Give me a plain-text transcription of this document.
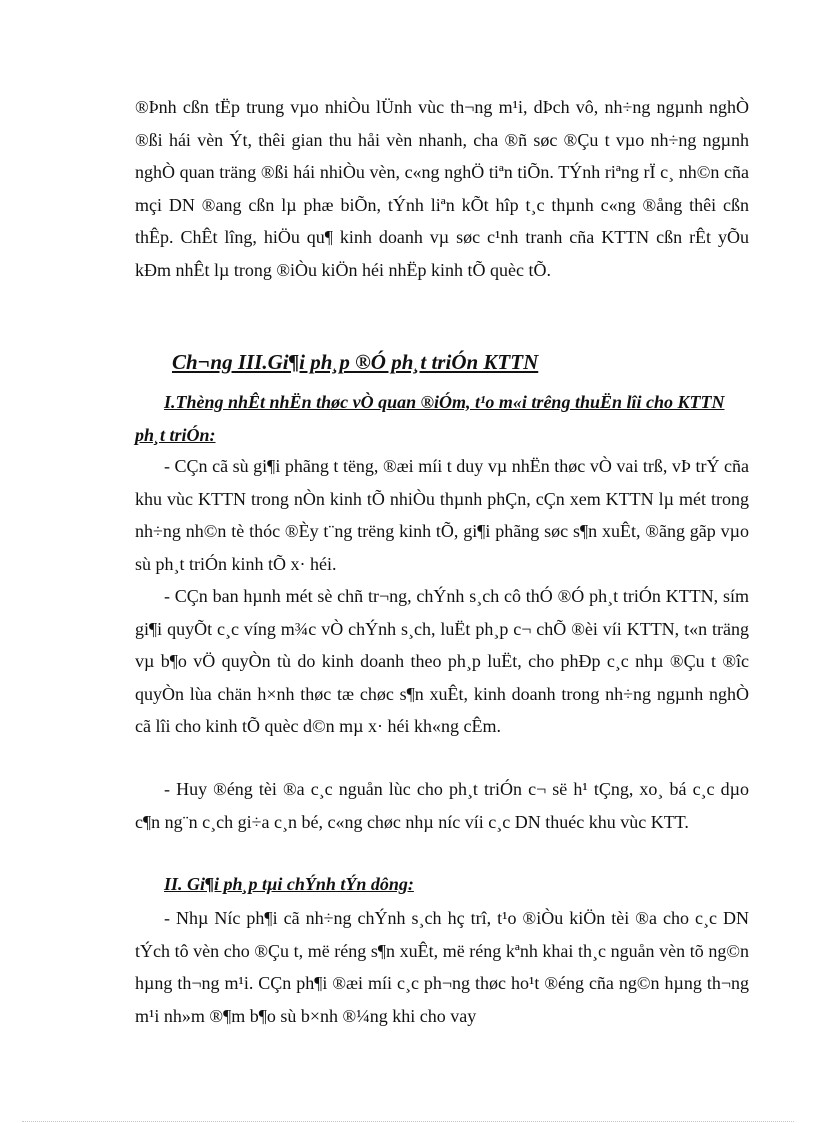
®Þnh cßn tËp trung vµo nhiÒu lÜnh vùc th¬ng m¹i, dÞch vô, nh÷ng ngµnh nghÒ ®ßi hái vèn Ýt, thêi gian thu håi vèn nhanh, cha ®ñ søc ®Çu t vµo nh÷ng ngµnh nghÒ quan träng ®ßi hái nhiÒu vèn, c«ng nghÖ tiªn tiÕn. TÝnh riªng rÏ c¸ nh©n cña mçi DN ®ang cßn lµ phæ biÕn, tÝnh liªn kÕt hîp t¸c thµnh c«ng ®ång thêi cßn thÊp. ChÊt lîng, hiÖu qu¶ kinh doanh vµ søc c¹nh tranh cña KTTN cßn rÊt yÕu kÐm nhÊt lµ trong ®iÒu kiÖn héi nhËp kinh tÕ quèc tÕ.

Ch¬ng III.Gi¶i ph¸p ®Ó ph¸t triÓn KTTN
I.Thèng nhÊt nhËn thøc vÒ quan ®iÓm, t¹o m«i trêng thuËn lîi cho KTTN ph¸t triÓn:

- CÇn cã sù gi¶i phãng t tëng, ®æi míi t duy vµ nhËn thøc vÒ vai trß, vÞ trÝ cña khu vùc KTTN trong nÒn kinh tÕ nhiÒu thµnh phÇn, cÇn xem KTTN lµ mét trong nh÷ng nh©n tè thóc ®Èy t¨ng trëng kinh tÕ, gi¶i phãng søc s¶n xuÊt, ®ãng gãp vµo sù ph¸t triÓn kinh tÕ x· héi.

- CÇn ban hµnh mét sè chñ tr¬ng, chÝnh s¸ch cô thÓ ®Ó ph¸t triÓn KTTN, sím gi¶i quyÕt c¸c víng m¾c vÒ chÝnh s¸ch, luËt ph¸p c¬ chÕ ®èi víi KTTN, t«n träng vµ b¶o vÖ quyÒn tù do kinh doanh theo ph¸p luËt, cho phÐp c¸c nhµ ®Çu t ®îc quyÒn lùa chän h×nh thøc tæ chøc s¶n xuÊt, kinh doanh trong nh÷ng ngµnh nghÒ cã lîi cho kinh tÕ quèc d©n mµ x· héi kh«ng cÊm.

- Huy ®éng tèi ®a c¸c nguån lùc cho ph¸t triÓn c¬ së h¹ tÇng, xo¸ bá c¸c dµo c¶n ng¨n c¸ch gi÷a c¸n bé, c«ng chøc nhµ níc víi c¸c DN thuéc khu vùc KTT.

II. Gi¶i ph¸p tµi chÝnh tÝn dông:

- Nhµ Níc ph¶i cã nh÷ng chÝnh s¸ch hç trî, t¹o ®iÒu kiÖn tèi ®a cho c¸c DN tÝch tô vèn cho ®Çu t, më réng s¶n xuÊt, më réng kªnh khai th¸c nguån vèn tõ ng©n hµng th¬ng m¹i. CÇn ph¶i ®æi míi c¸c ph¬ng thøc ho¹t ®éng cña ng©n hµng th¬ng m¹i nh»m ®¶m b¶o sù b×nh ®¼ng khi cho vay
